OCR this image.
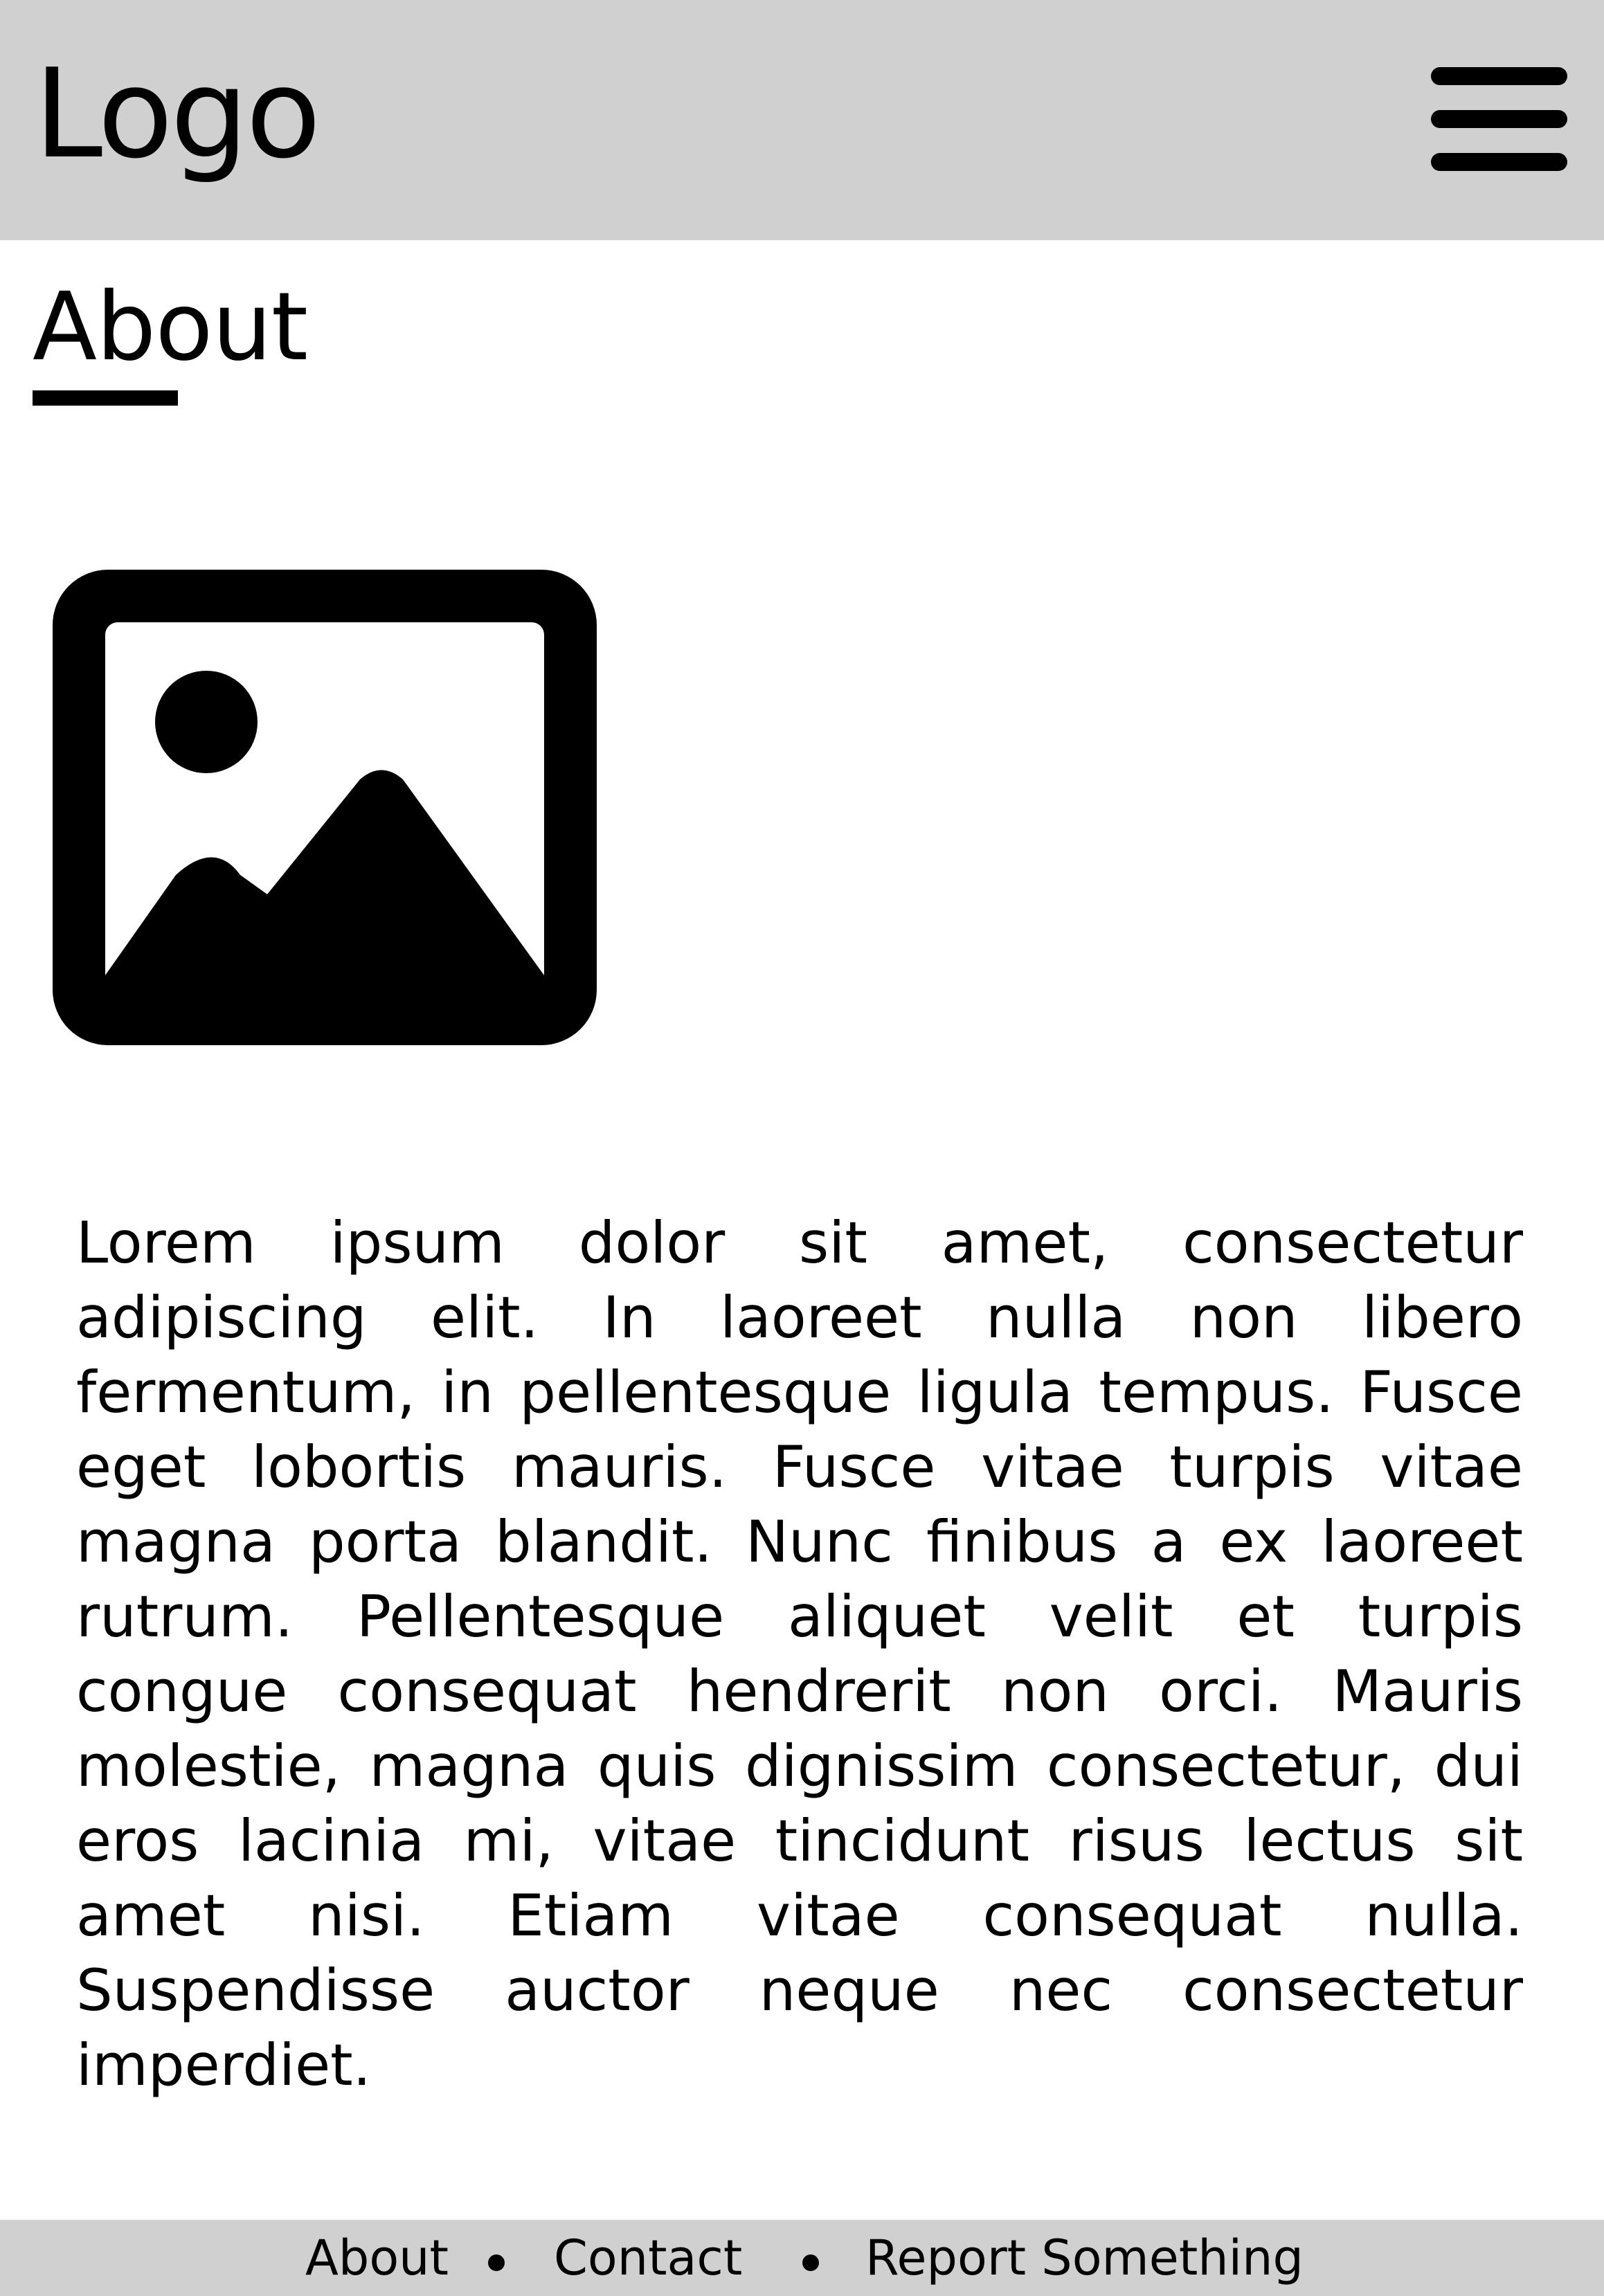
Logo
About

Lorem ipsum dolor sit amet, consectetur adipiscing elit. In laoreet nulla non libero fermentum, in pellentesque ligula tempus. Fusce eget lobortis mauris. Fusce vitae turpis vitae magna porta blandit. Nunc finibus a ex laoreet rutrum. Pellentesque aliquet velit et turpis congue consequat hendrerit non orci. Mauris molestie, magna quis dignissim consectetur, dui eros lacinia mi, vitae tincidunt risus lectus sit amet nisi. Etiam vitae consequat nulla. Suspendisse auctor neque nec consectetur imperdiet.

About Contact	Report Something
